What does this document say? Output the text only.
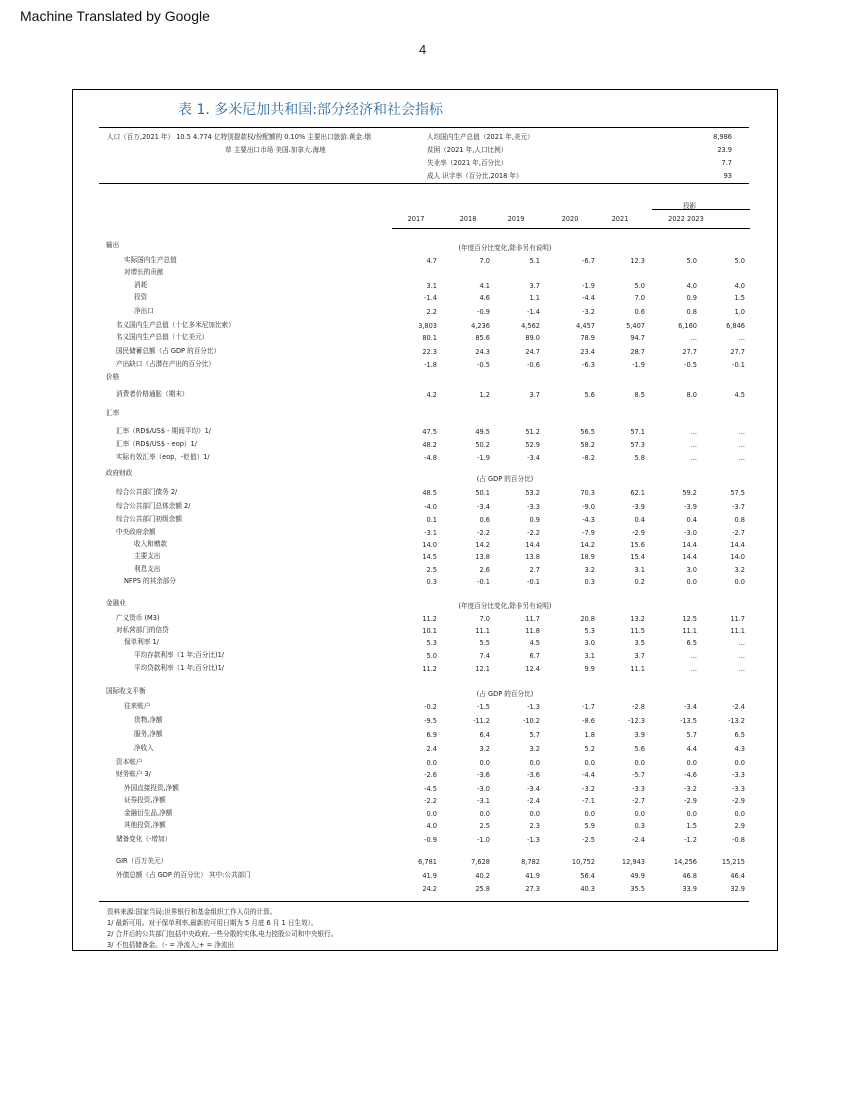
Machine Translated by Google
4
表 1. 多米尼加共和国:部分经济和社会指标
人口（百万,2021 年） 10.5 4.774 亿特别提款权/份配额的 0.10% 主要出口旅游.黄金.烟
草 主要出口市场 美国.加拿大.海地
人均国内生产总值（2021 年,美元）	8,986
贫困（2021 年,人口比例）	23.9
失业率（2021 年,百分比）	7.7
成人 识字率（百分比,2018 年）	93
投影
2017	2018	2019	2020	2021	2022 2023
输出	(年度百分比变化,除非另有说明)
实际国内生产总值	4.7	7.0	5.1	-6.7	12.3	5.0	5.0
对增长的贡献
消耗	3.1	4.1	3.7	-1.9	5.0	4.0	4.0
投资	-1.4	4.6	1.1	-4.4	7.0	0.9	1.5
净出口	2.2	-0.9	-1.4	-3.2	0.6	0.8	1.0
名义国内生产总值（十亿多米尼加比索）	3,803	4,236	4,562	4,457	5,407	6,160	6,846
名义国内生产总值（十亿美元）	80.1	85.6	89.0	78.9	94.7	...	...
国民储蓄总额（占 GDP 的百分比）	22.3	24.3	24.7	23.4	28.7	27.7	27.7
产出缺口（占潜在产出的百分比）	-1.8	-0.5	-0.6	-6.3	-1.9	-0.5	-0.1
价格
消费者价格通胀（期末）	4.2	1.2	3.7	5.6	8.5	8.0	4.5
汇率
汇率（RD$/US$ - 期间平均）1/	47.5	49.5	51.2	56.5	57.1	...	...
汇率（RD$/US$ - eop）1/	48.2	50.2	52.9	58.2	57.3	...	...
实际有效汇率（eop，-贬值）1/	-4.8	-1.9	-3.4	-8.2	5.8	...	...
政府财政
(占 GDP 的百分比)
综合公共部门债务 2/	48.5	50.1	53.2	70.3	62.1	59.2	57.5
综合公共部门总体余额 2/	-4.0	-3.4	-3.3	-9.0	-3.9	-3.9	-3.7
综合公共部门初级余额	0.1	0.6	0.9	-4.3	0.4	0.4	0.8
中央政府余额	-3.1	-2.2	-2.2	-7.9	-2.9	-3.0	-2.7
收入和赠款	14.0	14.2	14.4	14.2	15.6	14.4	14.4
主要支出	14.5	13.8	13.8	18.9	15.4	14.4	14.0
利息支出	2.5	2.6	2.7	3.2	3.1	3.0	3.2
NFPS 的其余部分	0.3	-0.1	-0.1	0.3	0.2	0.0	0.0
金融业	(年度百分比变化,除非另有说明)
广义货币 (M3)	11.2	7.0	11.7	20.8	13.2	12.5	11.7
对私营部门的信贷	10.1	11.1	11.8	5.3	11.5	11.1	11.1
保单利率 1/	5.3	5.5	4.5	3.0	3.5	6.5	...
平均存款利率（1 年;百分比)1/	5.0	7.4	6.7	3.1	3.7	...	...
平均贷款利率（1 年;百分比)1/	11.2	12.1	12.4	9.9	11.1	...	...
国际收支平衡	(占 GDP 的百分比)
往来账户	-0.2	-1.5	-1.3	-1.7	-2.8	-3.4	-2.4
货物,净额	-9.5	-11.2	-10.2	-8.6	-12.3	-13.5	-13.2
服务,净额	6.9	6.4	5.7	1.8	3.9	5.7	6.5
净收入	2.4	3.2	3.2	5.2	5.6	4.4	4.3
资本账户	0.0	0.0	0.0	0.0	0.0	0.0	0.0
财务账户 3/	-2.6	-3.6	-3.6	-4.4	-5.7	-4.6	-3.3
外国直接投资,净额	-4.5	-3.0	-3.4	-3.2	-3.3	-3.2	-3.3
证券投资,净额	-2.2	-3.1	-2.4	-7.1	-2.7	-2.9	-2.9
金融衍生品,净额	0.0	0.0	0.0	0.0	0.0	0.0	0.0
其他投资,净额	4.0	2.5	2.3	5.9	0.3	1.5	2.9
储备变化（-增加）	-0.9	-1.0	-1.3	-2.5	-2.4	-1.2	-0.8
GIR（百万美元）	6,781	7,628	8,782	10,752	12,943	14,256	15,215
外债总额（占 GDP 的百分比） 其中:公共部门	41.9	40.2	41.9	56.4	49.9	46.8	46.4
24.2	25.8	27.3	40.3	35.5	33.9	32.9
资料来源:国家当局;世界银行和基金组织工作人员的计算。
1/ 最新可用。对于保单利率,最新的可用日期为 5 月底 6 月 1 日生效）。
2/ 合并后的公共部门包括中央政府,一些分散的实体,电力控股公司和中央银行。
3/ 不包括储备金。（- = 净流入;+ = 净流出
